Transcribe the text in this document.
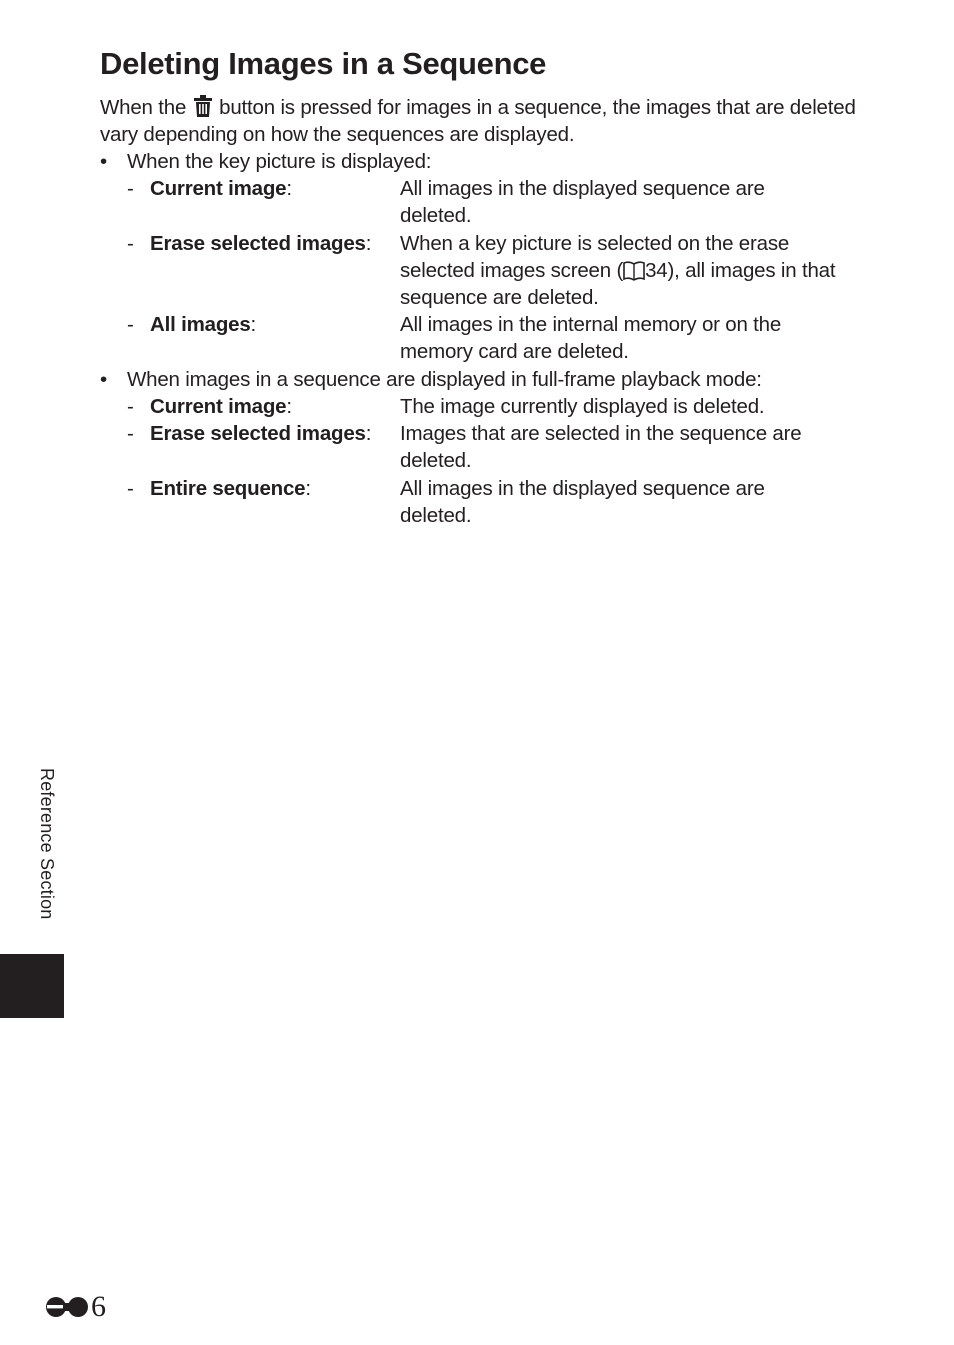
Deleting Images in a Sequence
When the button is pressed for images in a sequence, the images that are deleted vary depending on how the sequences are displayed.
• When the key picture is displayed:
- Current image:	All images in the displayed sequence are deleted.
- Erase selected images: When a key picture is selected on the erase selected images screen ( 34), all images in that sequence are deleted.
- All images:	All images in the internal memory or on the memory card are deleted.
• When images in a sequence are displayed in full-frame playback mode:
- Current image:	The image currently displayed is deleted.
- Erase selected images: Images that are selected in the sequence are deleted.
- Entire sequence:	All images in the displayed sequence are deleted.
Reference Section
6
